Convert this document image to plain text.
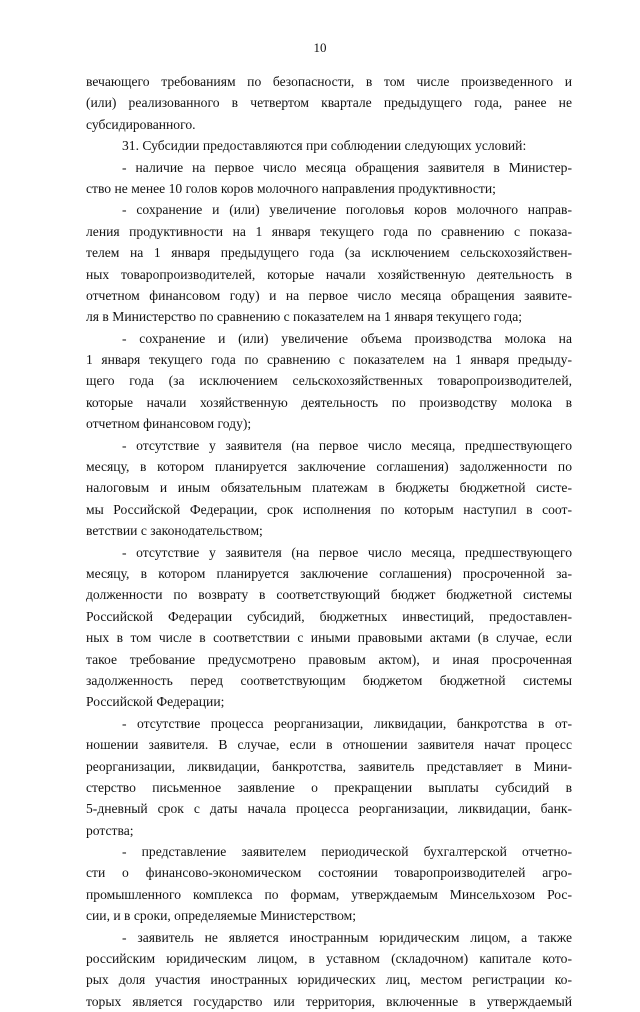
10
вечающего требованиям по безопасности, в том числе произведенного и
(или) реализованного в четвертом квартале предыдущего года, ранее не
субсидированного.
31. Субсидии предоставляются при соблюдении следующих условий:
- наличие на первое число месяца обращения заявителя в Министер-
ство не менее 10 голов коров молочного направления продуктивности;
- сохранение и (или) увеличение поголовья коров молочного направ-
ления продуктивности на 1 января текущего года по сравнению с показа-
телем на 1 января предыдущего года (за исключением сельскохозяйствен-
ных товаропроизводителей, которые начали хозяйственную деятельность в
отчетном финансовом году) и на первое число месяца обращения заявите-
ля в Министерство по сравнению с показателем на 1 января текущего года;
- сохранение и (или) увеличение объема производства молока на
1 января текущего года по сравнению с показателем на 1 января предыду-
щего года (за исключением сельскохозяйственных товаропроизводителей,
которые начали хозяйственную деятельность по производству молока в
отчетном финансовом году);
- отсутствие у заявителя (на первое число месяца, предшествующего
месяцу, в котором планируется заключение соглашения) задолженности по
налоговым и иным обязательным платежам в бюджеты бюджетной систе-
мы Российской Федерации, срок исполнения по которым наступил в соот-
ветствии с законодательством;
- отсутствие у заявителя (на первое число месяца, предшествующего
месяцу, в котором планируется заключение соглашения) просроченной за-
долженности по возврату в соответствующий бюджет бюджетной системы
Российской Федерации субсидий, бюджетных инвестиций, предоставлен-
ных в том числе в соответствии с иными правовыми актами (в случае, если
такое требование предусмотрено правовым актом), и иная просроченная
задолженность перед соответствующим бюджетом бюджетной системы
Российской Федерации;
- отсутствие процесса реорганизации, ликвидации, банкротства в от-
ношении заявителя. В случае, если в отношении заявителя начат процесс
реорганизации, ликвидации, банкротства, заявитель представляет в Мини-
стерство письменное заявление о прекращении выплаты субсидий в
5-дневный срок с даты начала процесса реорганизации, ликвидации, банк-
ротства;
- представление заявителем периодической бухгалтерской отчетно-
сти о финансово-экономическом состоянии товаропроизводителей агро-
промышленного комплекса по формам, утверждаемым Минсельхозом Рос-
сии, и в сроки, определяемые Министерством;
- заявитель не является иностранным юридическим лицом, а также
российским юридическим лицом, в уставном (складочном) капитале кото-
рых доля участия иностранных юридических лиц, местом регистрации ко-
торых является государство или территория, включенные в утверждаемый
